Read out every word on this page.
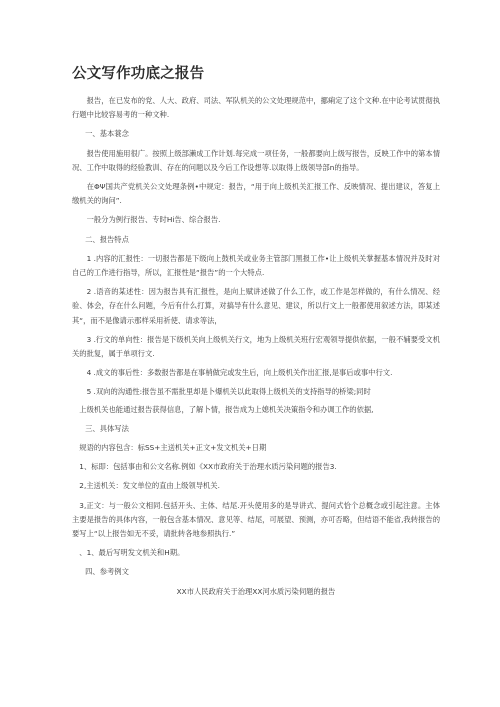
公文写作功底之报告

报告，在已发布的党、人大、政府、司法、军队机关的公文处理规范中，挪痢定了这个文种.在中论考试贯彻执行题中比较容易考的一种文种.

一、基本蓑念

报告使用施用很广。按照上级部濑成工作计划.每完成一项任务，一般都要向上级写报告，反映工作中的第本情况、工作中取得的经验教训、存在的问题以及今后工作设想等.以取得上级领导部n的指导。

在ΦΨ国共产党机关公文处理条例•中规定：报告，“用于向上级机关汇报工作、反映情况、提出建议，答复上缴机关的询问”.

一般分为例行报告、专时Hi告、综合报告.

二、报告特点

1 .内容的汇报性：一切报告都是下级向上鼓机关或业务主管部门黑报工作•让上级机关掌握基本情况并及时对自己的工作进行指导，所以，汇报性是“报告”的一个大特点.

2 .语音的某述性：因为报告具有汇报性，是向上赋讲述做了什么工作，或工作是怎样做的，有什么情况、经验、体会，存在什么问题，今后有什么打算，对搞导有什么意见、建议，所以行文上一般都使用叙述方法，即某述其“，而不是像请示那样采用祈使、请求等法，

3 .行文的单向性：报告是下级机关向上级机关行文，地为上级机关班行宏观领导提供依据，一般不辅要受文机关的批复，属于单项行文.

4 .成文的事后性：多数报告都是在事梢做完或发生后，向上级机关作出汇报,是事后或事中行文.

5 .双向的沟通性:报告虽不需批里却是卜爆机关以此取得上级机关的支持指导的桥梁;同时

上级机关也能通过报告获得信息，了解卜情，报告成为上媳机关决策指令和办调工作的依据,

三、具体写法

规语的内容包含：标SS+主送机关+正文+发文机关+日期

1、标即：包括事由和公文名称.例如《XX市政府关于治理水质污染问题的报告3.

2,主送机关：发文单位的直由上级领导机关.

3,正文：与一般公文相同.包括开头、主体、结尾.开头使用多的是导讲式、提问式恰个总概念或引起注意。主体主要是报告的具体内容，一般包含基本情况、意见等、结尾，可展望、预测，亦可否略，但结语不能省,我转报告的要写上“以上报告如无不妥，请批转各地参照执行.”

、1、最后写明发文机关和H期。

四、参考例文

XX市人民政府关于治理XX河水质污染伺题的报告
